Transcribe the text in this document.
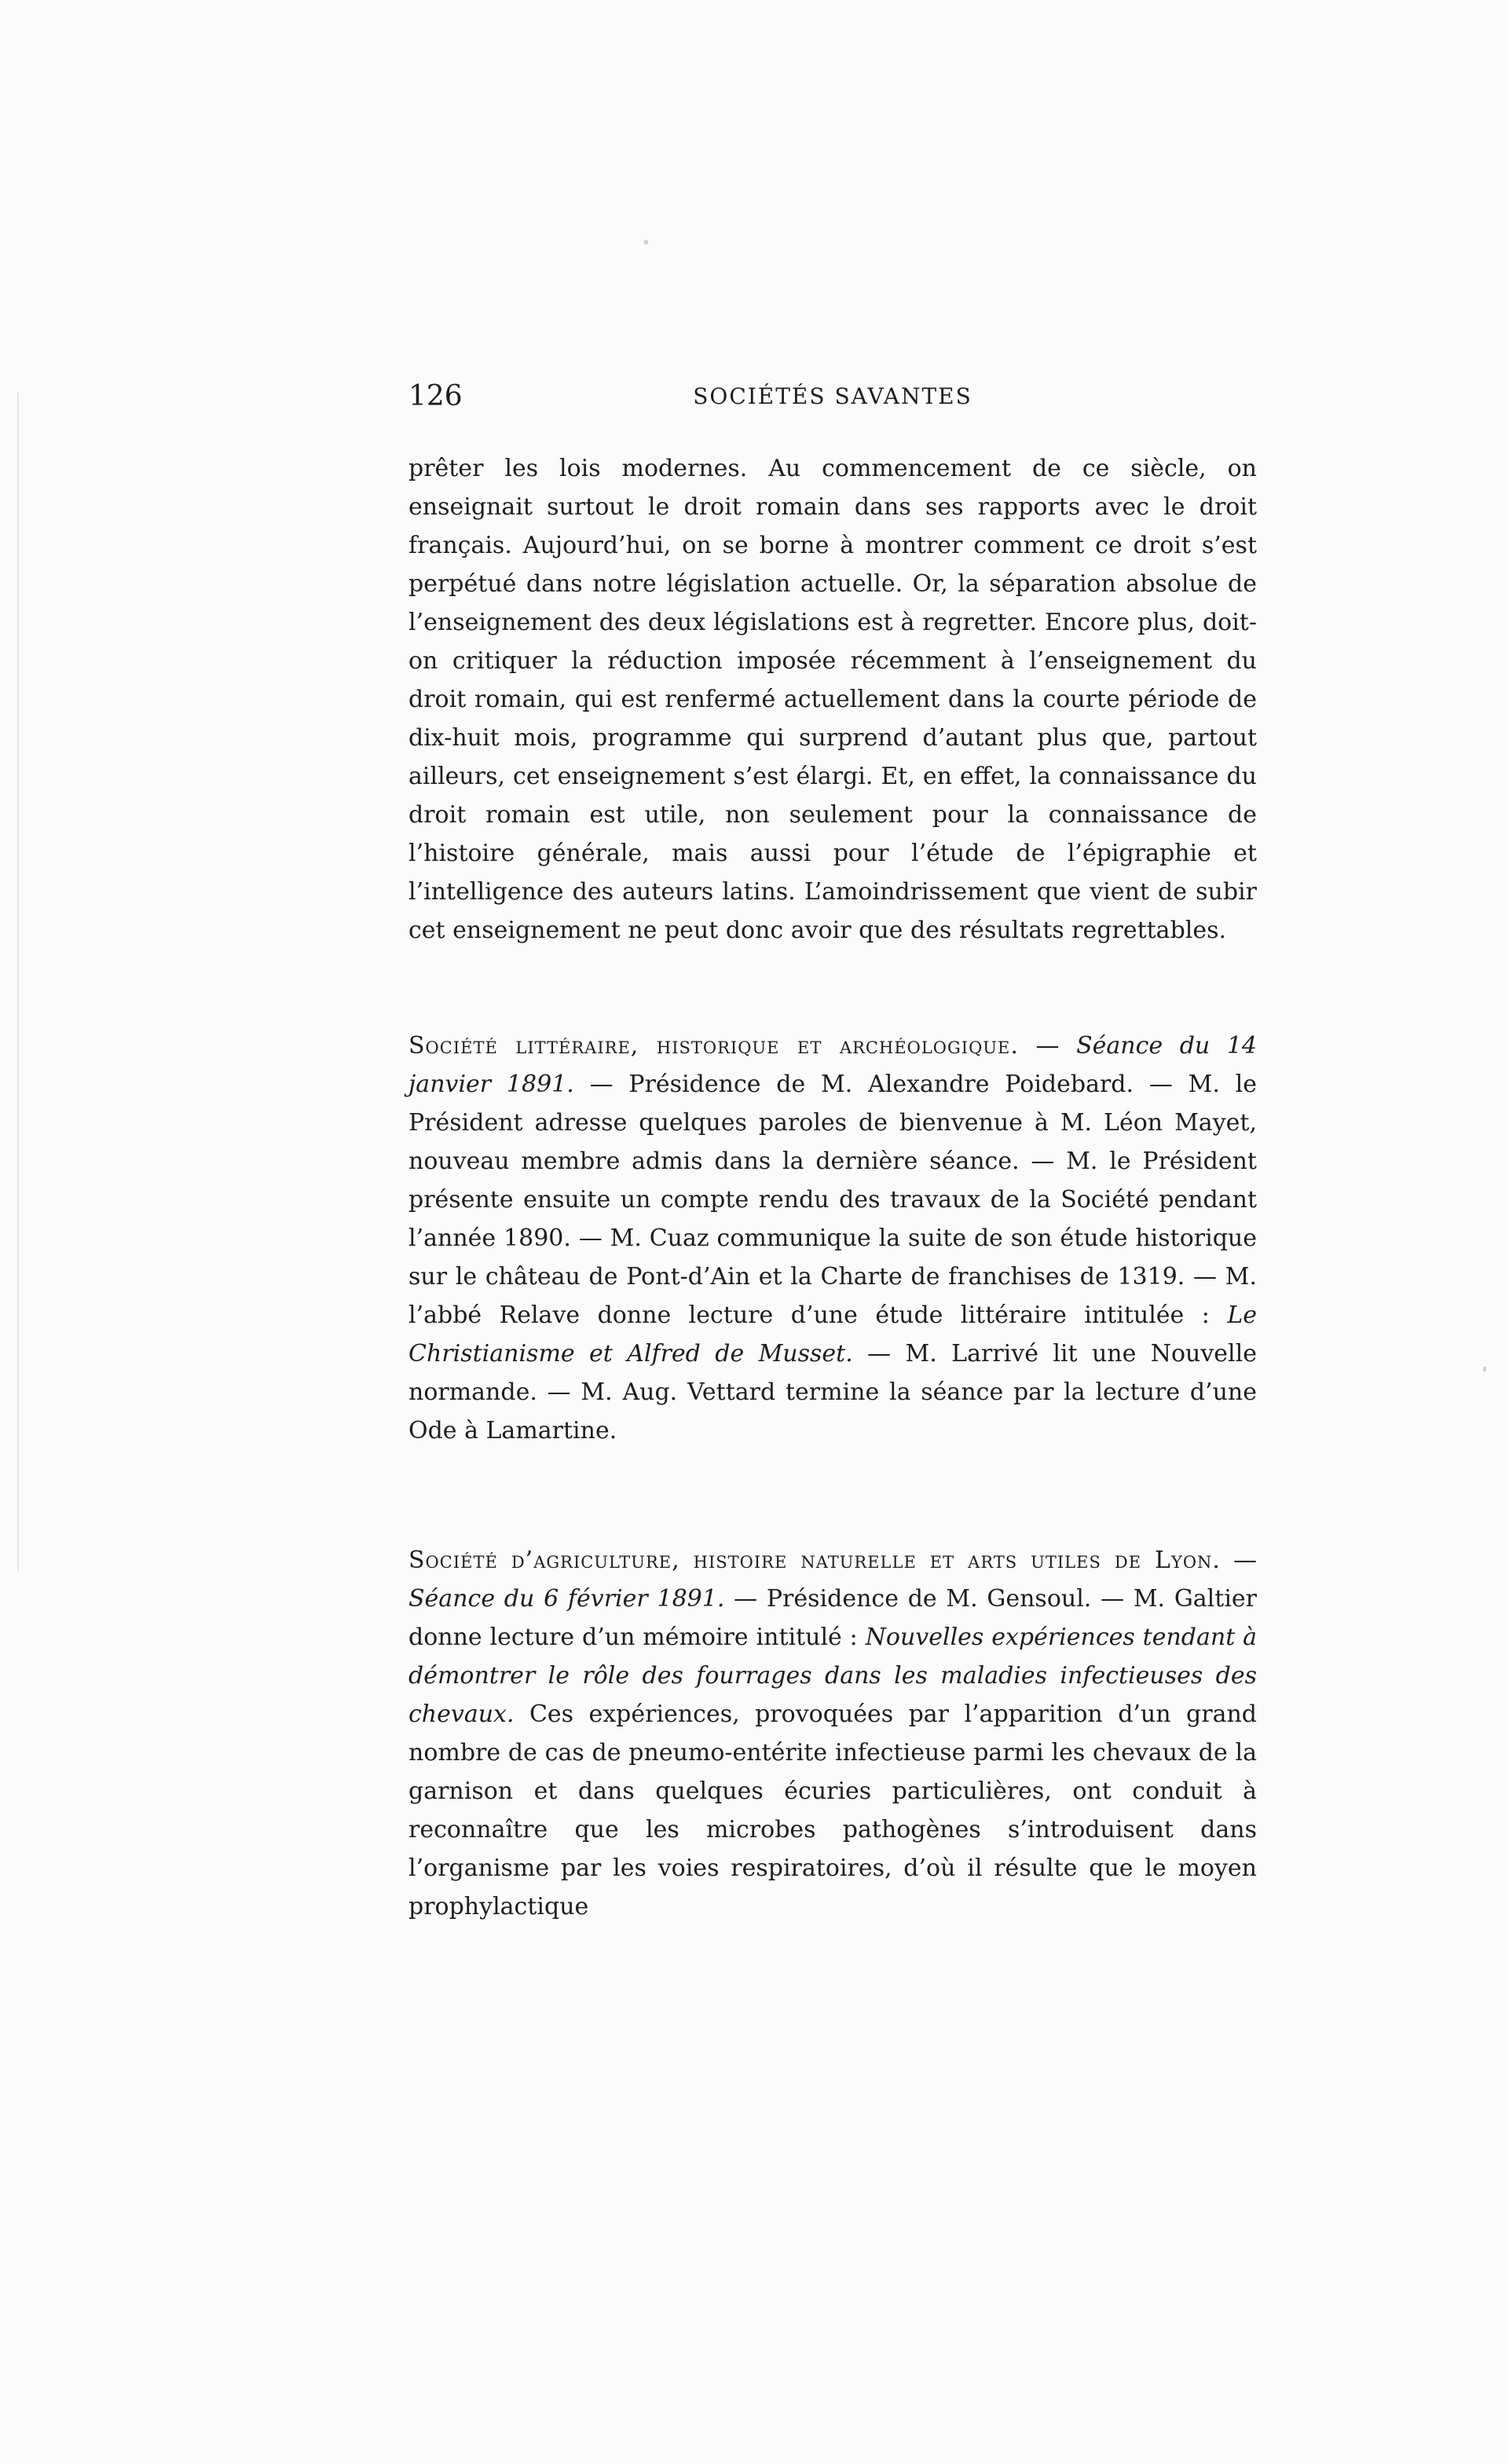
126	SOCIÉTÉS SAVANTES

prêter les lois modernes. Au commencement de ce siècle, on enseignait surtout le droit romain dans ses rapports avec le droit français. Aujourd’hui, on se borne à montrer comment ce droit s’est perpétué dans notre législation actuelle. Or, la séparation absolue de l’enseignement des deux législations est à regretter. Encore plus, doit-on critiquer la réduction imposée récemment à l’enseignement du droit romain, qui est renfermé actuellement dans la courte période de dix-huit mois, programme qui surprend d’autant plus que, partout ailleurs, cet enseignement s’est élargi. Et, en effet, la connaissance du droit romain est utile, non seulement pour la connaissance de l’histoire générale, mais aussi pour l’étude de l’épigraphie et l’intelligence des auteurs latins. L’amoindrissement que vient de subir cet enseignement ne peut donc avoir que des résultats regrettables.

Société littéraire, historique et archéologique. — Séance du 14 janvier 1891. — Présidence de M. Alexandre Poidebard. — M. le Président adresse quelques paroles de bienvenue à M. Léon Mayet, nouveau membre admis dans la dernière séance. — M. le Président présente ensuite un compte rendu des travaux de la Société pendant l’année 1890. — M. Cuaz communique la suite de son étude historique sur le château de Pont-d’Ain et la Charte de franchises de 1319. — M. l’abbé Relave donne lecture d’une étude littéraire intitulée : Le Christianisme et Alfred de Musset. — M. Larrivé lit une Nouvelle normande. — M. Aug. Vettard termine la séance par la lecture d’une Ode à Lamartine.

Société d’agriculture, histoire naturelle et arts utiles de Lyon. — Séance du 6 février 1891. — Présidence de M. Gensoul. — M. Galtier donne lecture d’un mémoire intitulé : Nouvelles expériences tendant à démontrer le rôle des fourrages dans les maladies infectieuses des chevaux. Ces expériences, provoquées par l’apparition d’un grand nombre de cas de pneumo-entérite infectieuse parmi les chevaux de la garnison et dans quelques écuries particulières, ont conduit à reconnaître que les microbes pathogènes s’introduisent dans l’organisme par les voies respiratoires, d’où il résulte que le moyen prophylactique
